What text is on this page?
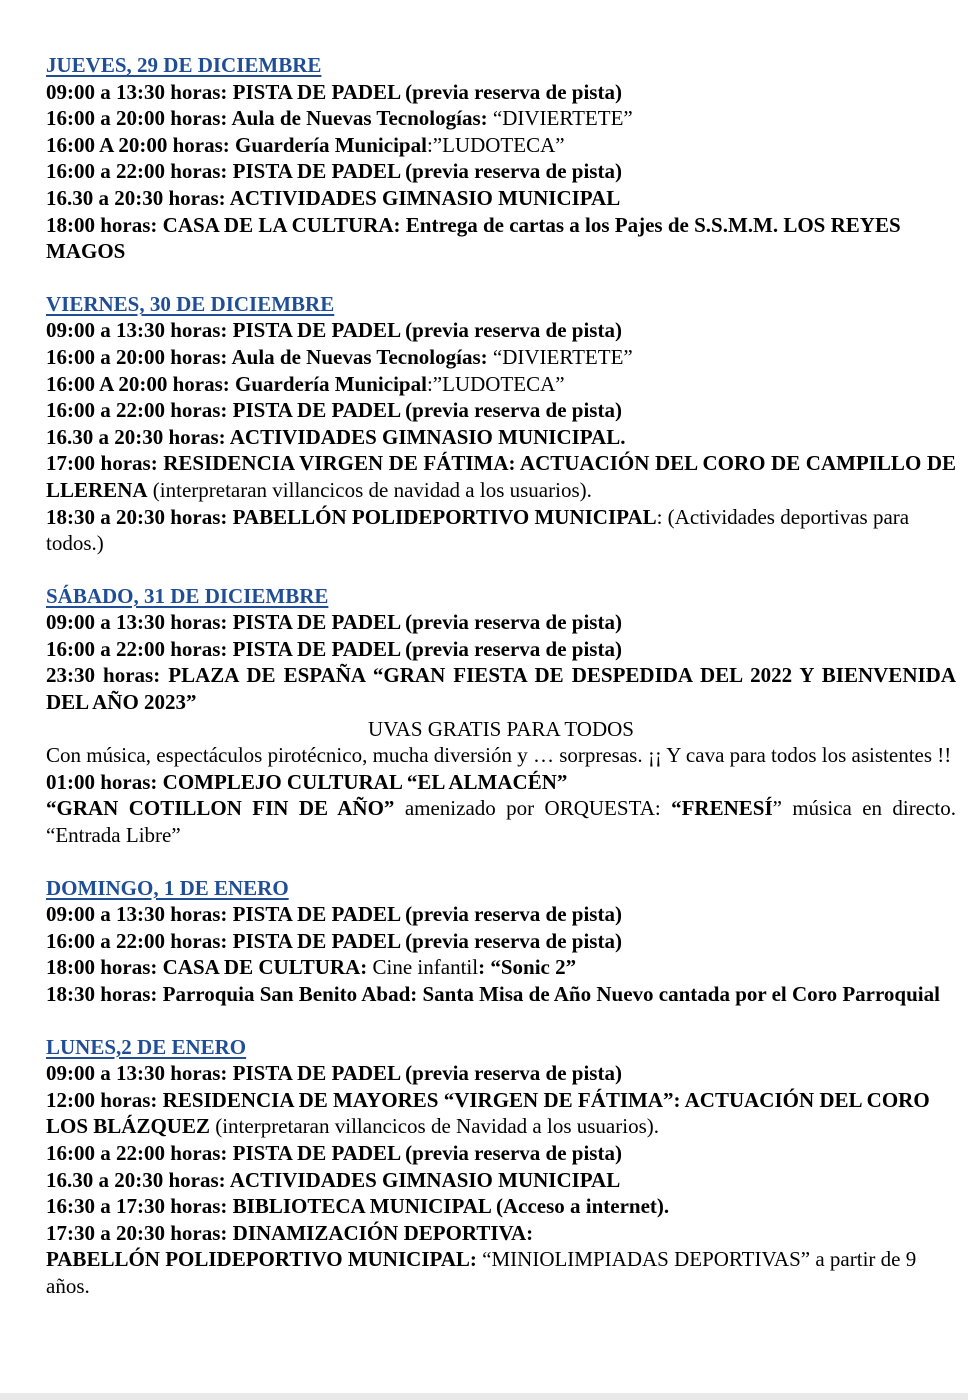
JUEVES, 29 DE DICIEMBRE

09:00 a 13:30 horas: PISTA DE PADEL (previa reserva de pista)

16:00 a 20:00 horas: Aula de Nuevas Tecnologías: “DIVIERTETE”

16:00 A 20:00 horas: Guardería Municipal:”LUDOTECA”

16:00 a 22:00 horas: PISTA DE PADEL (previa reserva de pista)

16.30 a 20:30 horas: ACTIVIDADES GIMNASIO MUNICIPAL

18:00 horas: CASA DE LA CULTURA: Entrega de cartas a los Pajes de S.S.M.M. LOS REYES MAGOS

VIERNES, 30 DE DICIEMBRE

09:00 a 13:30 horas: PISTA DE PADEL (previa reserva de pista)

16:00 a 20:00 horas: Aula de Nuevas Tecnologías: “DIVIERTETE”

16:00 A 20:00 horas: Guardería Municipal:”LUDOTECA”

16:00 a 22:00 horas: PISTA DE PADEL (previa reserva de pista)

16.30 a 20:30 horas: ACTIVIDADES GIMNASIO MUNICIPAL.

17:00 horas: RESIDENCIA VIRGEN DE FÁTIMA: ACTUACIÓN DEL CORO DE CAMPILLO DE LLERENA (interpretaran villancicos de navidad a los usuarios).

18:30 a 20:30 horas: PABELLÓN POLIDEPORTIVO MUNICIPAL: (Actividades deportivas para todos.)

SÁBADO, 31 DE DICIEMBRE

09:00 a 13:30 horas: PISTA DE PADEL (previa reserva de pista)

16:00 a 22:00 horas: PISTA DE PADEL (previa reserva de pista)

23:30 horas: PLAZA DE ESPAÑA “GRAN FIESTA DE DESPEDIDA DEL 2022 Y BIENVENIDA DEL AÑO 2023”

UVAS GRATIS PARA TODOS

Con música, espectáculos pirotécnico, mucha diversión y … sorpresas. ¡¡ Y cava para todos los asistentes !!

01:00 horas: COMPLEJO CULTURAL “EL ALMACÉN”

“GRAN COTILLON FIN DE AÑO” amenizado por ORQUESTA: “FRENESÍ” música en directo. “Entrada Libre”

DOMINGO, 1 DE ENERO

09:00 a 13:30 horas: PISTA DE PADEL (previa reserva de pista)

16:00 a 22:00 horas: PISTA DE PADEL (previa reserva de pista)

18:00 horas: CASA DE CULTURA: Cine infantil: “Sonic 2”

18:30 horas: Parroquia San Benito Abad: Santa Misa de Año Nuevo cantada por el Coro Parroquial

LUNES,2 DE ENERO

09:00 a 13:30 horas: PISTA DE PADEL (previa reserva de pista)

12:00 horas: RESIDENCIA DE MAYORES “VIRGEN DE FÁTIMA”: ACTUACIÓN DEL CORO LOS BLÁZQUEZ (interpretaran villancicos de Navidad a los usuarios).

16:00 a 22:00 horas: PISTA DE PADEL (previa reserva de pista)

16.30 a 20:30 horas: ACTIVIDADES GIMNASIO MUNICIPAL

16:30 a 17:30 horas: BIBLIOTECA MUNICIPAL (Acceso a internet).

17:30 a 20:30 horas: DINAMIZACIÓN DEPORTIVA:

PABELLÓN POLIDEPORTIVO MUNICIPAL: “MINIOLIMPIADAS DEPORTIVAS” a partir de 9 años.
